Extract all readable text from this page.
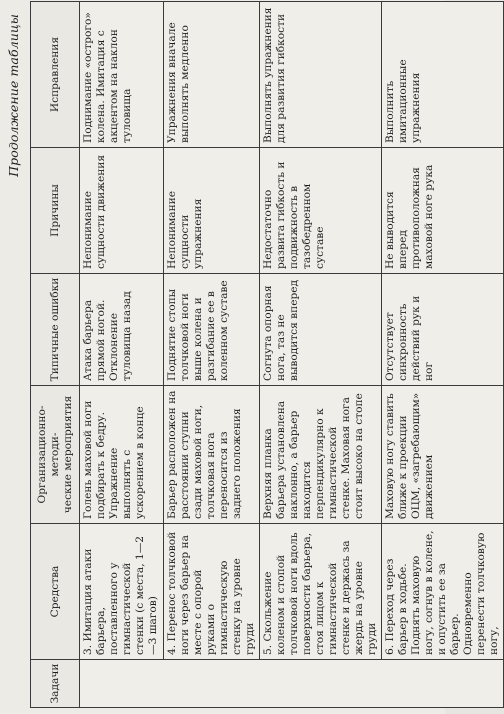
Продолжение таблицы
Задачи	Средства	Организационно-методи-
ческие мероприятия	Типичные ошибки	Причины	Исправления
	3. Имитация атаки барьера, поставленного у гимнастической стенки (с места, 1—2—3 шагов)	Голень маховой ноги подбирать к бедру. Упражнение выполнять с ускорением в конце	Атака барьера прямой ногой. Отклонение туловища назад	Непонимание сущности движения	Поднимание «острого» колена. Имитация с акцентом на наклон туловища
	4. Перенос толчковой ноги через барьер на месте с опорой руками о гимнастическую стенку на уровне груди	Барьер расположен на расстоянии ступни сзади маховой ноги, толчковая нога переносится из заднего положения	Поднятие стопы толчковой ноги выше колена и разгибание ее в коленном суставе	Непонимание сущности упражнения	Упражнения вначале выполнять медленно
	5. Скольжение коленом и стопой толчковой ноги вдоль поверхности барьера, стоя лицом к гимнастической стенке и держась за жердь на уровне груди	Верхняя планка барьера установлена наклонно, а барьер находится перпендикулярно к гимнастической стенке. Маховая нога стоит высоко на стопе	Согнута опорная нога, таз не выводится вперед	Недостаточно развита гибкость и подвижность в тазобедренном суставе	Выполнять упражнения для развития гибкости
	6. Переход через барьер в ходьбе. Поднять маховую ногу, согнув в колене, и опустить ее за барьер. Одновременно перенести толчковую ногу,	Маховую ногу ставить ближе к проекции ОЦМ, «загребающим» движением	Отсутствует синхронность действий рук и ног	Не выводится вперед противоположная маховой ноге рука	Выполнить имитационные упражнения
